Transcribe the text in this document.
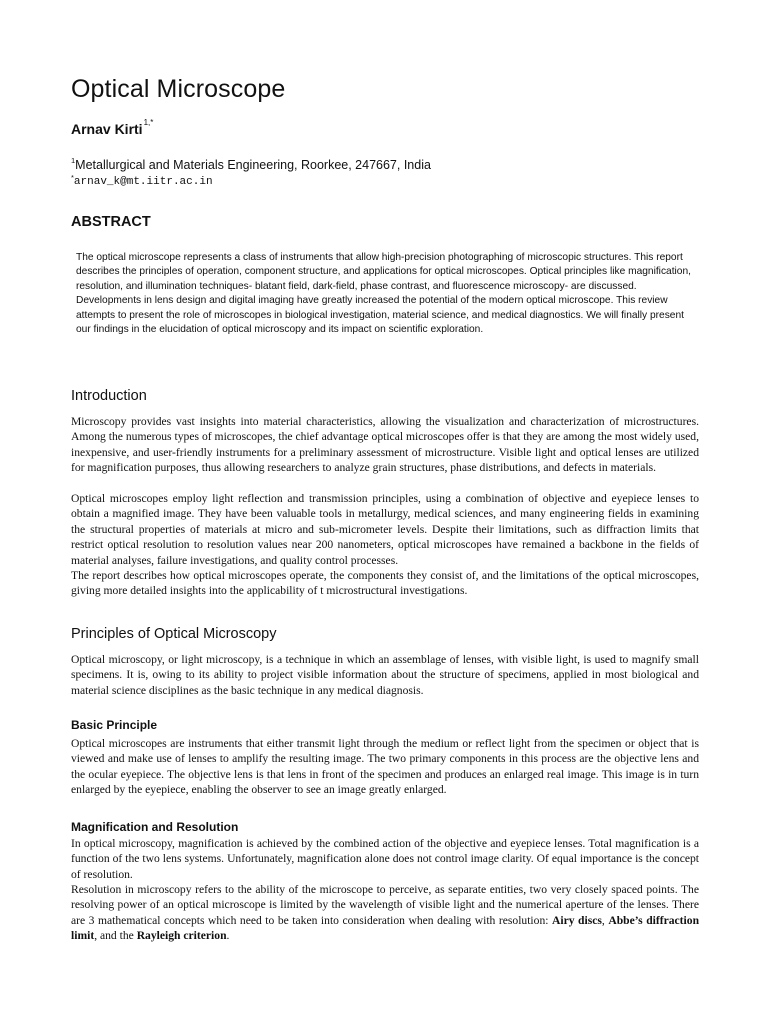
Optical Microscope
Arnav Kirti$^{1,*}$
$^1$Metallurgical and Materials Engineering, Roorkee, 247667, India
*arnav_k@mt.iitr.ac.in
ABSTRACT

The optical microscope represents a class of instruments that allow high-precision photographing of microscopic structures. This report describes the principles of operation, component structure, and applications for optical microscopes. Optical principles like magnification, resolution, and illumination techniques- blatant field, dark-field, phase contrast, and fluorescence microscopy- are discussed. Developments in lens design and digital imaging have greatly increased the potential of the modern optical microscope. This review attempts to present the role of microscopes in biological investigation, material science, and medical diagnostics. We will finally present our findings in the elucidation of optical microscopy and its impact on scientific exploration.

Introduction

Microscopy provides vast insights into material characteristics, allowing the visualization and characterization of microstructures. Among the numerous types of microscopes, the chief advantage optical microscopes offer is that they are among the most widely used, inexpensive, and user-friendly instruments for a preliminary assessment of microstructure. Visible light and optical lenses are utilized for magnification purposes, thus allowing researchers to analyze grain structures, phase distributions, and defects in materials.

Optical microscopes employ light reflection and transmission principles, using a combination of objective and eyepiece lenses to obtain a magnified image. They have been valuable tools in metallurgy, medical sciences, and many engineering fields in examining the structural properties of materials at micro and sub-micrometer levels. Despite their limitations, such as diffraction limits that restrict optical resolution to resolution values near 200 nanometers, optical microscopes have remained a backbone in the fields of material analyses, failure investigations, and quality control processes.

The report describes how optical microscopes operate, the components they consist of, and the limitations of the optical microscopes, giving more detailed insights into the applicability of t microstructural investigations.

Principles of Optical Microscopy

Optical microscopy, or light microscopy, is a technique in which an assemblage of lenses, with visible light, is used to magnify small specimens. It is, owing to its ability to project visible information about the structure of specimens, applied in most biological and material science disciplines as the basic technique in any medical diagnosis.

Basic Principle

Optical microscopes are instruments that either transmit light through the medium or reflect light from the specimen or object that is viewed and make use of lenses to amplify the resulting image. The two primary components in this process are the objective lens and the ocular eyepiece. The objective lens is that lens in front of the specimen and produces an enlarged real image. This image is in turn enlarged by the eyepiece, enabling the observer to see an image greatly enlarged.

Magnification and Resolution

In optical microscopy, magnification is achieved by the combined action of the objective and eyepiece lenses. Total magnification is a function of the two lens systems. Unfortunately, magnification alone does not control image clarity. Of equal importance is the concept of resolution.

Resolution in microscopy refers to the ability of the microscope to perceive, as separate entities, two very closely spaced points. The resolving power of an optical microscope is limited by the wavelength of visible light and the numerical aperture of the lenses. There are 3 mathematical concepts which need to be taken into consideration when dealing with resolution: Airy discs, Abbe’s diffraction limit, and the Rayleigh criterion.
